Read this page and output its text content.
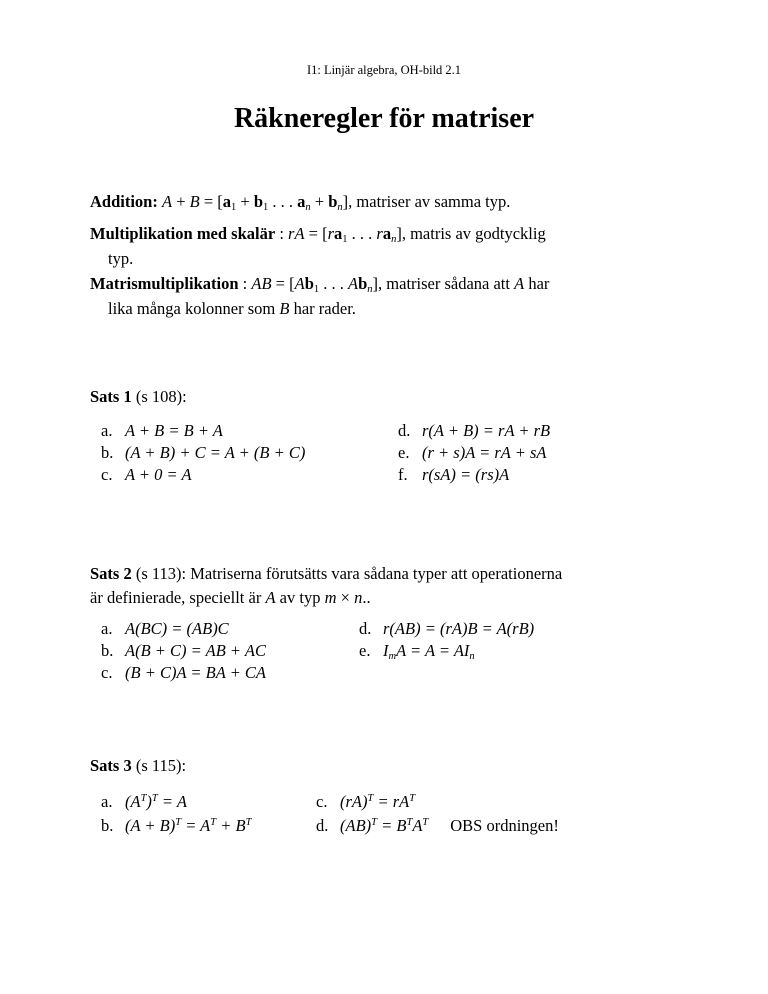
I1: Linjär algebra, OH-bild 2.1
Räkneregler för matriser
Addition: $A + B = [a_1 + b_1$ . . . $a_n + b_n$], matriser av samma typ.
Multiplikation med skalär : rA = [$ra_1$ . . . $ra_n$], matris av godtycklig
typ.
Matrismultiplikation : AB = [$Ab_1$ . . . $Ab_n$], matriser sådana att A har
lika många kolonner som B har rader.
Sats 1 (s 108):
a. A + B = B + A
b. (A + B) + C = A + (B + C)
c. A + 0 = A
d. r(A + B) = rA + rB
e. (r + s)A = rA + sA
f. r(sA) = (rs)A
Sats 2 (s 113): Matriserna förutsätts vara sådana typer att operationerna
är definierade, speciellt är A av typ m × n..
a. A(BC) = (AB)C
b. A(B + C) = AB + AC
c. (B + C)A = BA + CA
d. r(AB) = (rA)B = A(rB)
e. $I_mA = A = AI_n$
Sats 3 (s 115):
a. $(A^T)^T = A$
b. $(A + B)^T = A^T + B^T$
c. $(rA)^T = rA^T$
d. $(AB)^T = B^TA^T$ OBS ordningen!
